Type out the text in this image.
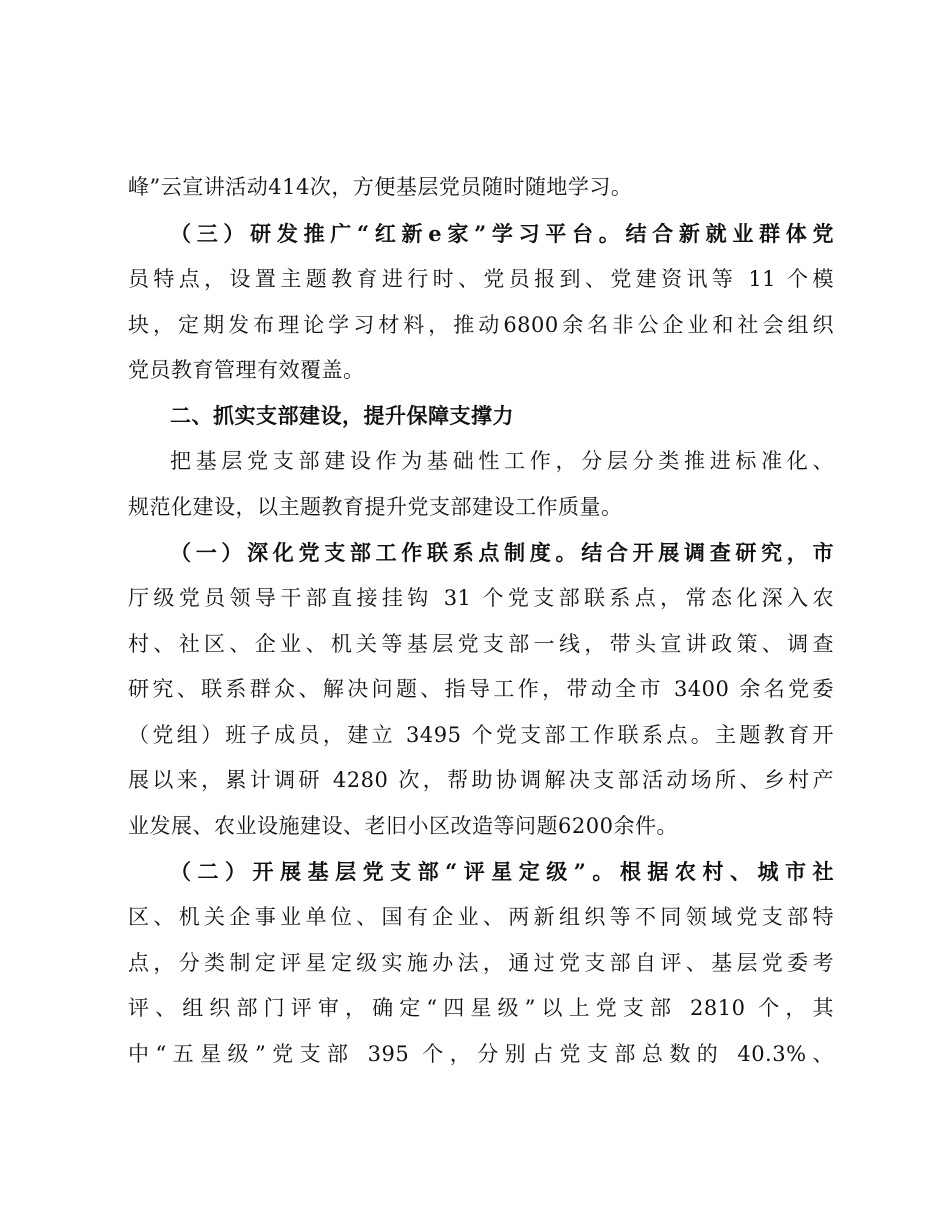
峰”云宣讲活动414次，方便基层党员随时随地学习。
（三）研发推广“红新e家”学习平台。结合新就业群体党
员特点，设置主题教育进行时、党员报到、党建资讯等 11 个模
块，定期发布理论学习材料，推动6800余名非公企业和社会组织
党员教育管理有效覆盖。
二、抓实支部建设，提升保障支撑力
把基层党支部建设作为基础性工作，分层分类推进标准化、
规范化建设，以主题教育提升党支部建设工作质量。
（一）深化党支部工作联系点制度。结合开展调查研究，市
厅级党员领导干部直接挂钩 31 个党支部联系点，常态化深入农
村、社区、企业、机关等基层党支部一线，带头宣讲政策、调查
研究、联系群众、解决问题、指导工作，带动全市 3400 余名党委
（党组）班子成员，建立 3495 个党支部工作联系点。主题教育开
展以来，累计调研 4280 次，帮助协调解决支部活动场所、乡村产
业发展、农业设施建设、老旧小区改造等问题6200余件。
（二）开展基层党支部“评星定级”。根据农村、城市社
区、机关企事业单位、国有企业、两新组织等不同领域党支部特
点，分类制定评星定级实施办法，通过党支部自评、基层党委考
评、组织部门评审，确定“四星级”以上党支部 2810 个，其
中“五星级”党支部 395 个，分别占党支部总数的 40.3%、
